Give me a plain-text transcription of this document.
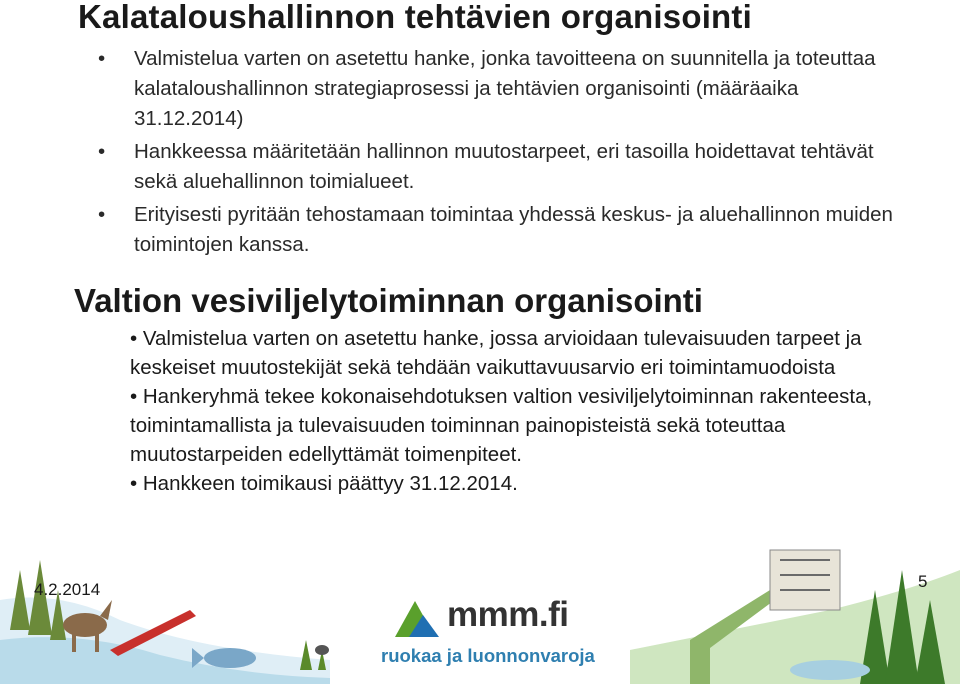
Kalataloushallinnon tehtävien organisointi
• Valmistelua varten on asetettu hanke, jonka tavoitteena on suunnitella ja toteuttaa kalataloushallinnon strategiaprosessi ja tehtävien organisointi (määräaika 31.12.2014)
• Hankkeessa määritetään hallinnon muutostarpeet, eri tasoilla hoidettavat tehtävät sekä aluehallinnon toimialueet.
• Erityisesti pyritään tehostamaan toimintaa yhdessä keskus- ja aluehallinnon muiden toimintojen kanssa.
Valtion vesiviljelytoiminnan organisointi
• Valmistelua varten on asetettu hanke, jossa arvioidaan tulevaisuuden tarpeet ja keskeiset muutostekijät sekä tehdään vaikuttavuusarvio eri toimintamuodoista
• Hankeryhmä tekee kokonaisehdotuksen valtion vesiviljelytoiminnan rakenteesta, toimintamallista ja tulevaisuuden toiminnan painopisteistä sekä toteuttaa muutostarpeiden edellyttämät toimenpiteet.
• Hankkeen toimikausi päättyy 31.12.2014.
4.2.2014	5
mmm.fi
ruokaa ja luonnonvaroja
